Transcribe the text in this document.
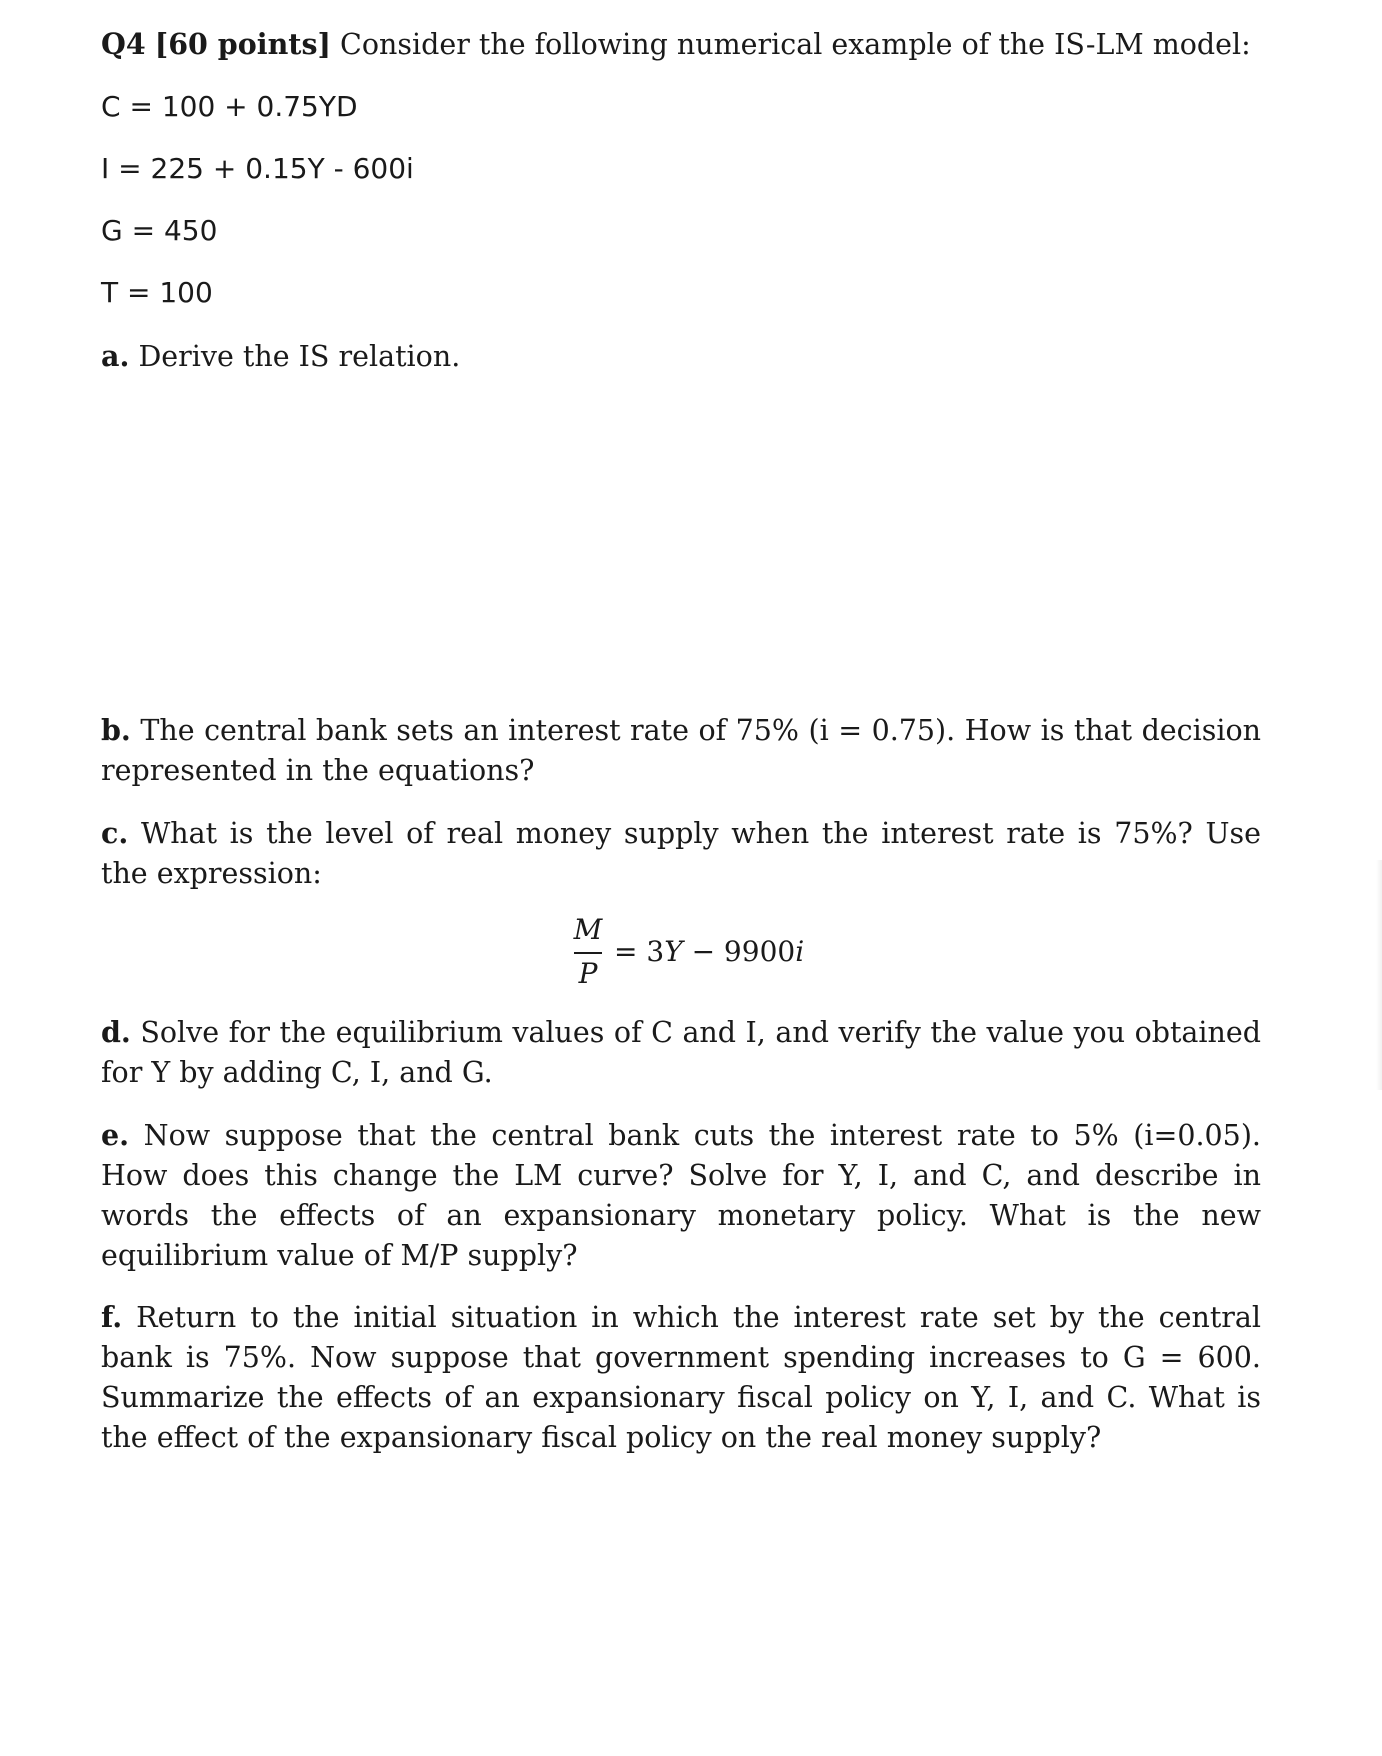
Q4 [60 points] Consider the following numerical example of the IS-LM model:
C = 100 + 0.75YD
I = 225 + 0.15Y - 600i
G = 450
T = 100
a. Derive the IS relation.
b. The central bank sets an interest rate of 75% (i = 0.75). How is that decision represented in the equations?
c. What is the level of real money supply when the interest rate is 75%? Use the expression:
M
P
= 3Y − 9900i
d. Solve for the equilibrium values of C and I, and verify the value you obtained for Y by adding C, I, and G.
e. Now suppose that the central bank cuts the interest rate to 5% (i=0.05). How does this change the LM curve? Solve for Y, I, and C, and describe in words the effects of an expansionary monetary policy. What is the new equilibrium value of M/P supply?
f. Return to the initial situation in which the interest rate set by the central bank is 75%. Now suppose that government spending increases to G = 600. Summarize the effects of an expansionary fiscal policy on Y, I, and C. What is the effect of the expansionary fiscal policy on the real money supply?
